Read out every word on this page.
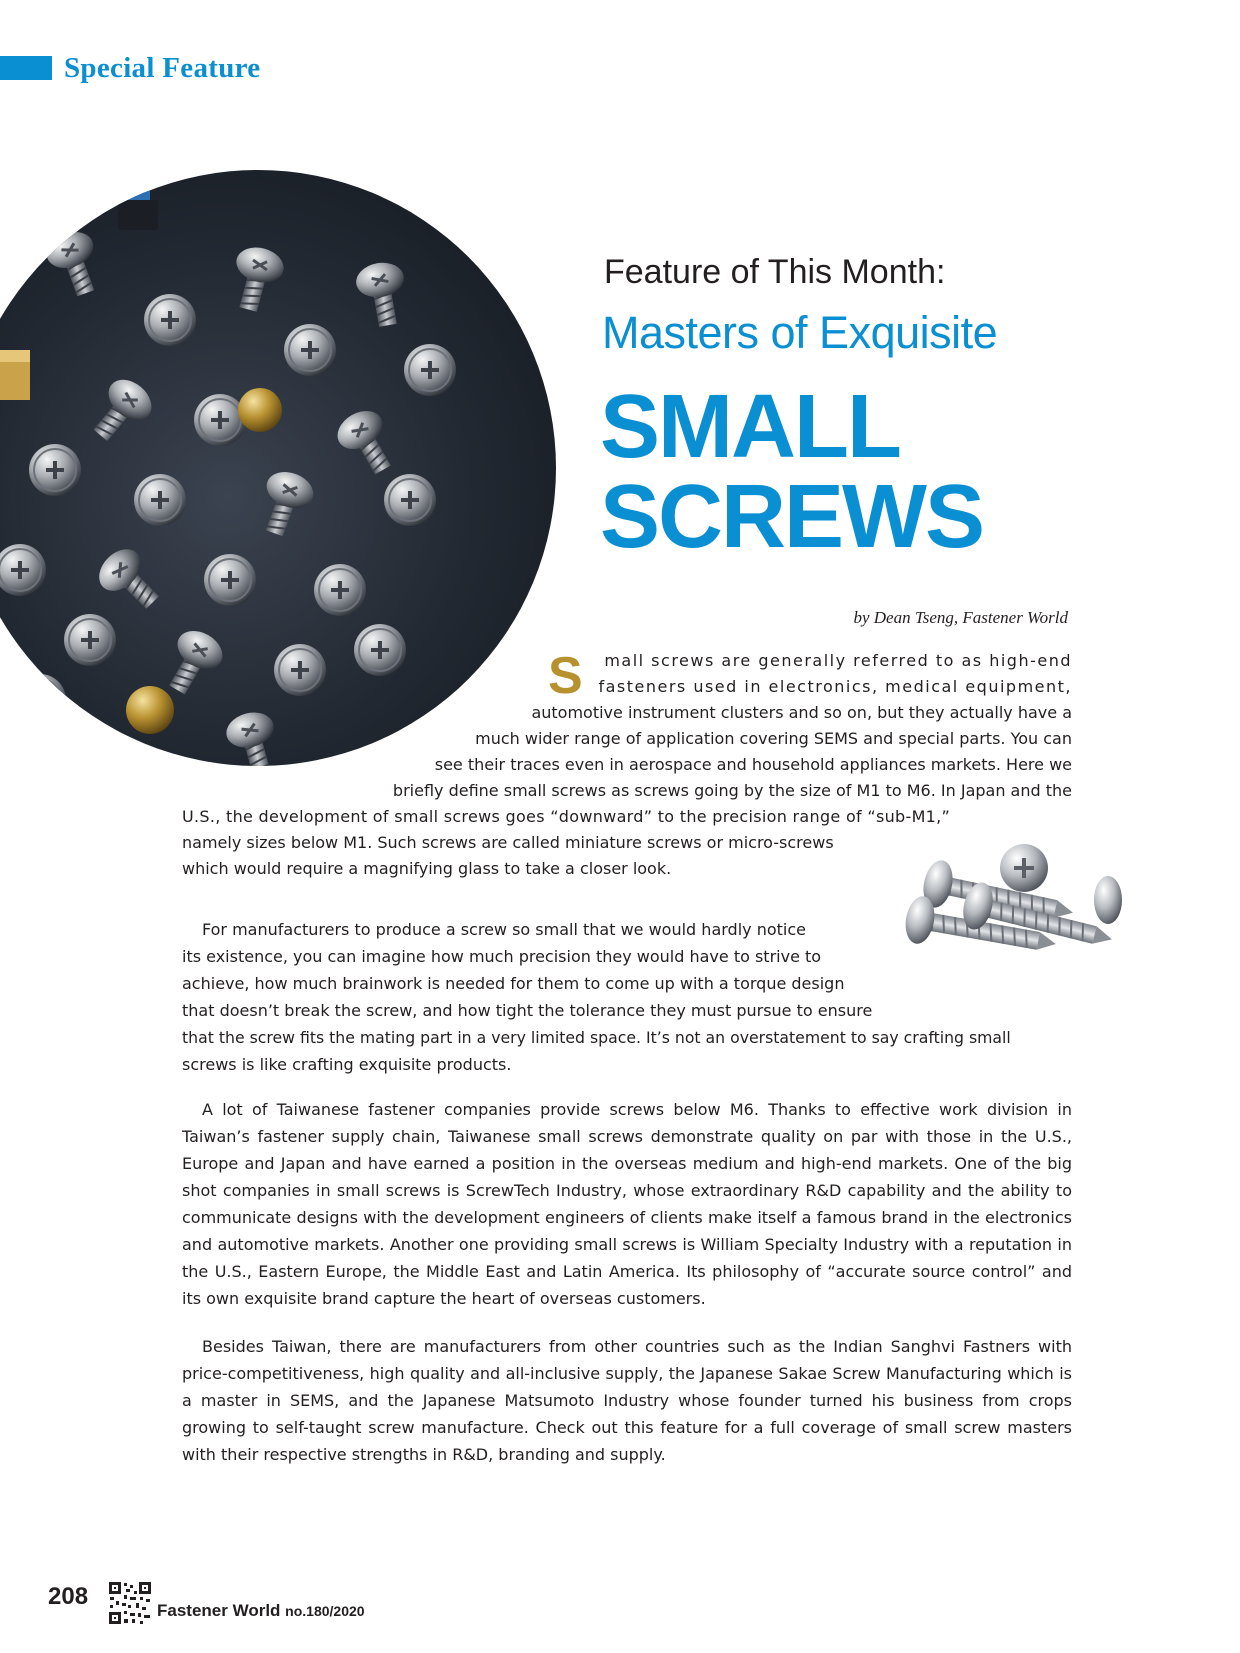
Special Feature
Feature of This Month:
Masters of Exquisite
SMALL
SCREWS
by Dean Tseng, Fastener World
S mall screws are generally referred to as high-end
fasteners used in electronics, medical equipment,
automotive instrument clusters and so on, but they actually have a
much wider range of application covering SEMS and special parts. You can
see their traces even in aerospace and household appliances markets. Here we
briefly define small screws as screws going by the size of M1 to M6. In Japan and the
U.S., the development of small screws goes “downward” to the precision range of “sub-M1,”
namely sizes below M1. Such screws are called miniature screws or micro-screws
which would require a magnifying glass to take a closer look.
For manufacturers to produce a screw so small that we would hardly notice
its existence, you can imagine how much precision they would have to strive to
achieve, how much brainwork is needed for them to come up with a torque design
that doesn’t break the screw, and how tight the tolerance they must pursue to ensure
that the screw fits the mating part in a very limited space. It’s not an overstatement to say crafting small
screws is like crafting exquisite products.
A lot of Taiwanese fastener companies provide screws below M6. Thanks to effective work division in Taiwan’s fastener supply chain, Taiwanese small screws demonstrate quality on par with those in the U.S., Europe and Japan and have earned a position in the overseas medium and high-end markets. One of the big shot companies in small screws is ScrewTech Industry, whose extraordinary R&D capability and the ability to communicate designs with the development engineers of clients make itself a famous brand in the electronics and automotive markets. Another one providing small screws is William Specialty Industry with a reputation in the U.S., Eastern Europe, the Middle East and Latin America. Its philosophy of “accurate source control” and its own exquisite brand capture the heart of overseas customers.
Besides Taiwan, there are manufacturers from other countries such as the Indian Sanghvi Fastners with price-competitiveness, high quality and all-inclusive supply, the Japanese Sakae Screw Manufacturing which is a master in SEMS, and the Japanese Matsumoto Industry whose founder turned his business from crops growing to self-taught screw manufacture. Check out this feature for a full coverage of small screw masters with their respective strengths in R&D, branding and supply.
208
Fastener World no.180/2020
